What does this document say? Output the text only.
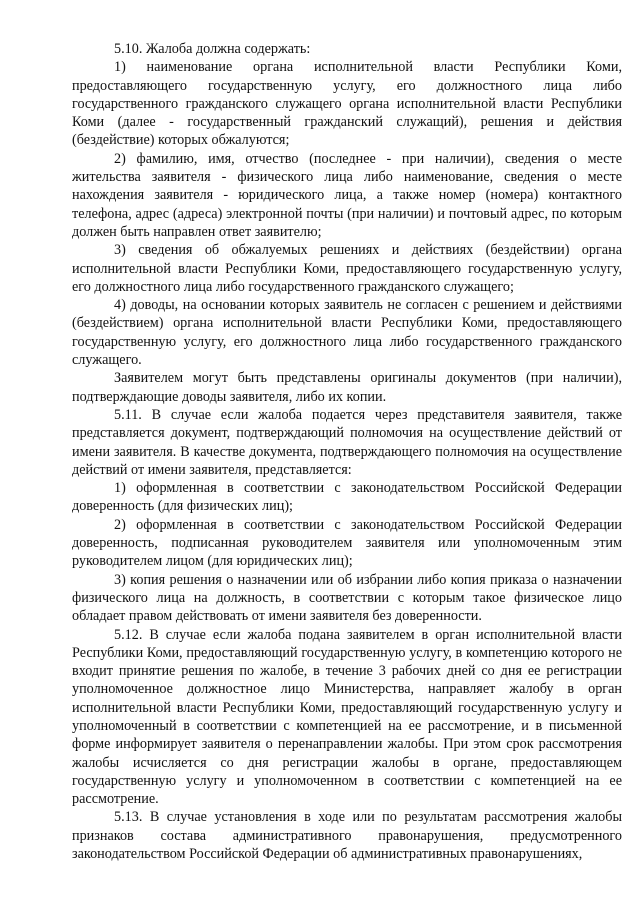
5.10. Жалоба должна содержать:

1) наименование органа исполнительной власти Республики Коми, предоставляющего государственную услугу, его должностного лица либо государственного гражданского служащего органа исполнительной власти Республики Коми (далее - государственный гражданский служащий), решения и действия (бездействие) которых обжалуются;

2) фамилию, имя, отчество (последнее - при наличии), сведения о месте жительства заявителя - физического лица либо наименование, сведения о месте нахождения заявителя - юридического лица, а также номер (номера) контактного телефона, адрес (адреса) электронной почты (при наличии) и почтовый адрес, по которым должен быть направлен ответ заявителю;

3) сведения об обжалуемых решениях и действиях (бездействии) органа исполнительной власти Республики Коми, предоставляющего государственную услугу, его должностного лица либо государственного гражданского служащего;

4) доводы, на основании которых заявитель не согласен с решением и действиями (бездействием) органа исполнительной власти Республики Коми, предоставляющего государственную услугу, его должностного лица либо государственного гражданского служащего.

Заявителем могут быть представлены оригиналы документов (при наличии), подтверждающие доводы заявителя, либо их копии.

5.11. В случае если жалоба подается через представителя заявителя, также представляется документ, подтверждающий полномочия на осуществление действий от имени заявителя. В качестве документа, подтверждающего полномочия на осуществление действий от имени заявителя, представляется:

1) оформленная в соответствии с законодательством Российской Федерации доверенность (для физических лиц);

2) оформленная в соответствии с законодательством Российской Федерации доверенность, подписанная руководителем заявителя или уполномоченным этим руководителем лицом (для юридических лиц);

3) копия решения о назначении или об избрании либо копия приказа о назначении физического лица на должность, в соответствии с которым такое физическое лицо обладает правом действовать от имени заявителя без доверенности.

5.12. В случае если жалоба подана заявителем в орган исполнительной власти Республики Коми, предоставляющий государственную услугу, в компетенцию которого не входит принятие решения по жалобе, в течение 3 рабочих дней со дня ее регистрации уполномоченное должностное лицо Министерства, направляет жалобу в орган исполнительной власти Республики Коми, предоставляющий государственную услугу и уполномоченный в соответствии с компетенцией на ее рассмотрение, и в письменной форме информирует заявителя о перенаправлении жалобы. При этом срок рассмотрения жалобы исчисляется со дня регистрации жалобы в органе, предоставляющем государственную услугу и уполномоченном в соответствии с компетенцией на ее рассмотрение.

5.13. В случае установления в ходе или по результатам рассмотрения жалобы признаков состава административного правонарушения, предусмотренного законодательством Российской Федерации об административных правонарушениях,
